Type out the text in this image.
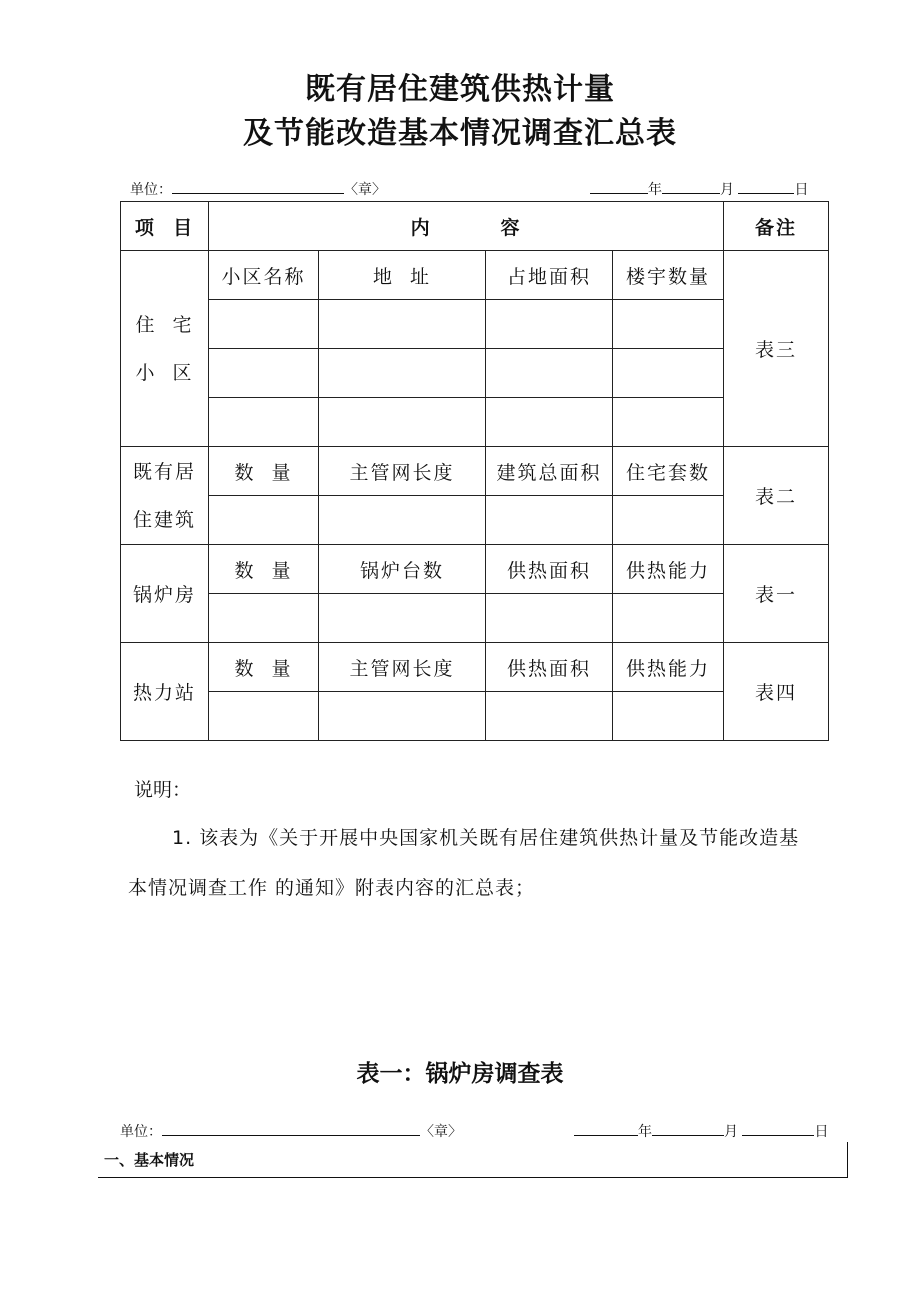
既有居住建筑供热计量
及节能改造基本情况调查汇总表
单位：	〈章〉	年	月	日
项  目	内        容				备注

住  宅
小  区	小区名称	地  址	占地面积	楼宇数量	表三

既有居
住建筑	数  量	主管网长度	建筑总面积	住宅套数	表二

锅炉房	数  量	锅炉台数	供热面积	供热能力	表一

热力站	数  量	主管网长度	供热面积	供热能力	表四

说明：
1. 该表为《关于开展中央国家机关既有居住建筑供热计量及节能改造基
本情况调查工作 的通知》附表内容的汇总表；
表一：锅炉房调查表
单位：	〈章〉	年	月	日
一、基本情况
